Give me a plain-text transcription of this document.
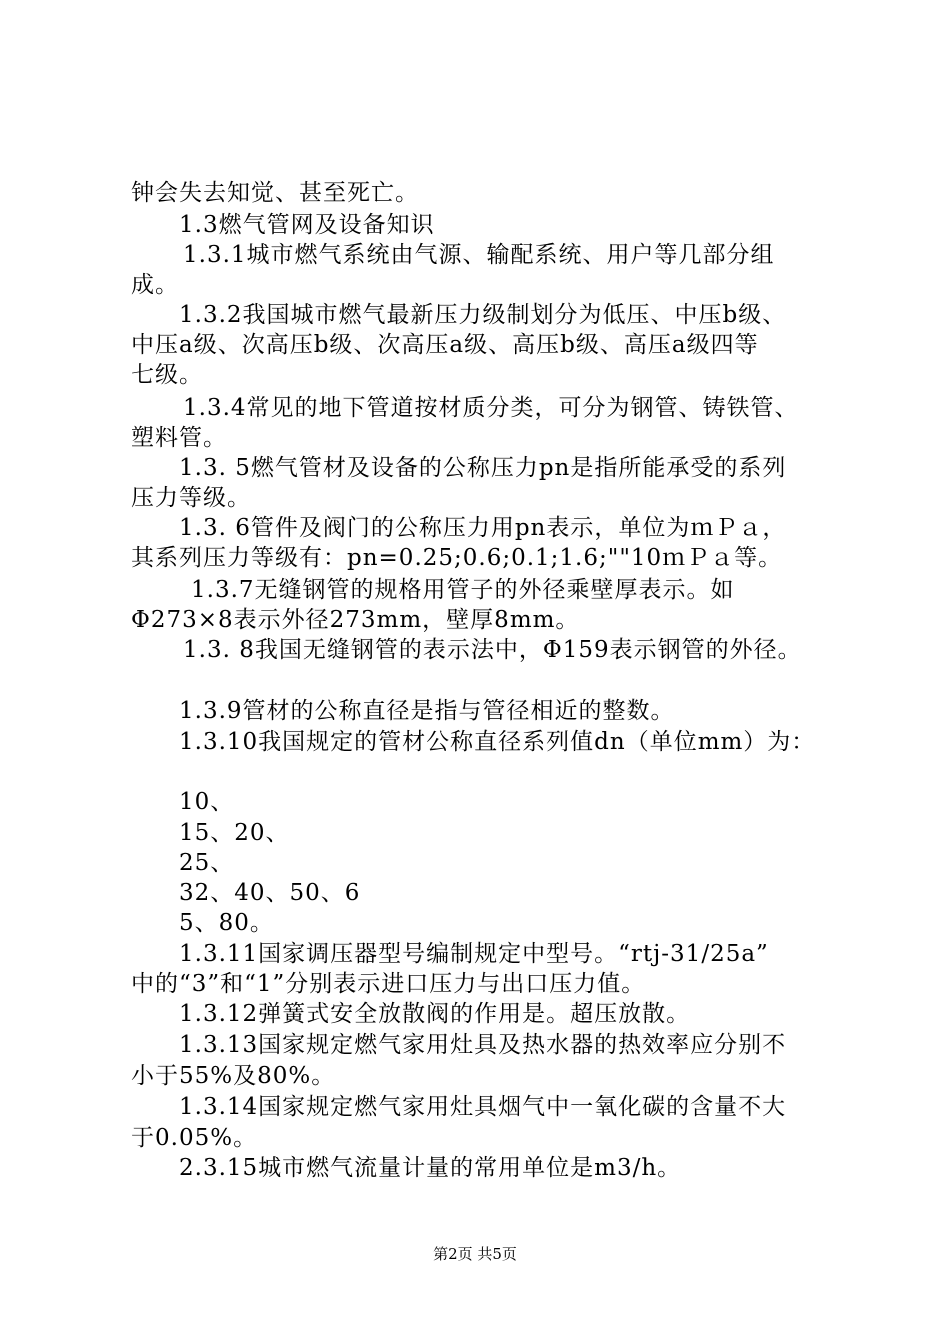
钟会失去知觉、甚至死亡。
1.3燃气管网及设备知识
1.3.1城市燃气系统由气源、输配系统、用户等几部分组
成。
1.3.2我国城市燃气最新压力级制划分为低压、中压b级、
中压a级、次高压b级、次高压a级、高压b级、高压a级四等
七级。
1.3.4常见的地下管道按材质分类，可分为钢管、铸铁管、
塑料管。
1.3. 5燃气管材及设备的公称压力pn是指所能承受的系列
压力等级。
1.3. 6管件及阀门的公称压力用pn表示，单位为ｍＰａ，
其系列压力等级有：pn=0.25;0.6;0.1;1.6;""10ｍＰａ等。
1.3.7无缝钢管的规格用管子的外径乘壁厚表示。如
Φ273×8表示外径273mm，壁厚8mm。
1.3. 8我国无缝钢管的表示法中，Φ159表示钢管的外径。
1.3.9管材的公称直径是指与管径相近的整数。
1.3.10我国规定的管材公称直径系列值dn（单位mm）为：
10、
15、20、
25、
32、40、50、6
5、80。
1.3.11国家调压器型号编制规定中型号。“rtj-31/25a”
中的“3”和“1”分别表示进口压力与出口压力值。
1.3.12弹簧式安全放散阀的作用是。超压放散。
1.3.13国家规定燃气家用灶具及热水器的热效率应分别不
小于55%及80%。
1.3.14国家规定燃气家用灶具烟气中一氧化碳的含量不大
于0.05%。
2.3.15城市燃气流量计量的常用单位是m3/h。
第2页 共5页
